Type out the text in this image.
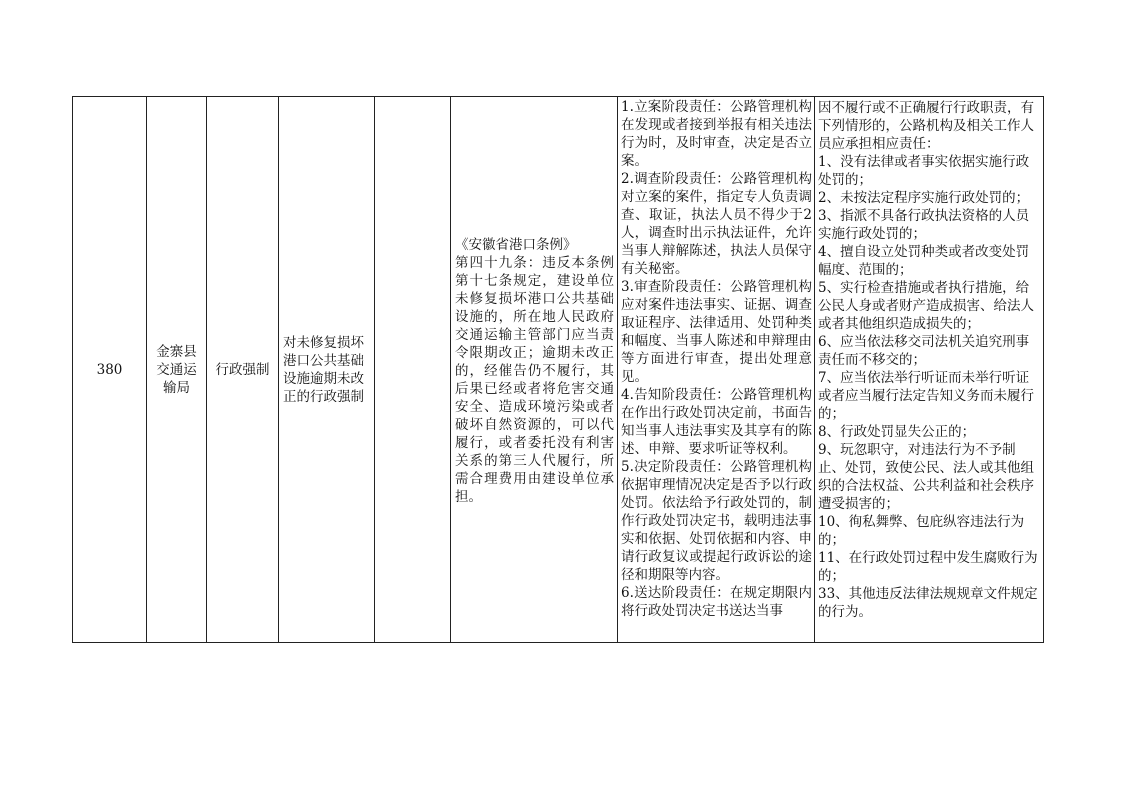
380
金寨县交通运输局
行政强制
对未修复损坏港口公共基础设施逾期未改正的行政强制
《安徽省港口条例》
第四十九条：违反本条例第十七条规定，建设单位未修复损坏港口公共基础设施的，所在地人民政府交通运输主管部门应当责令限期改正；逾期未改正的，经催告仍不履行，其后果已经或者将危害交通安全、造成环境污染或者破坏自然资源的，可以代履行，或者委托没有利害关系的第三人代履行，所需合理费用由建设单位承担。
1.立案阶段责任：公路管理机构在发现或者接到举报有相关违法行为时，及时审查，决定是否立案。
2.调查阶段责任：公路管理机构对立案的案件，指定专人负责调查、取证，执法人员不得少于2人，调查时出示执法证件，允许当事人辩解陈述，执法人员保守有关秘密。
3.审查阶段责任：公路管理机构应对案件违法事实、证据、调查取证程序、法律适用、处罚种类和幅度、当事人陈述和申辩理由等方面进行审查，提出处理意见。
4.告知阶段责任：公路管理机构在作出行政处罚决定前，书面告知当事人违法事实及其享有的陈述、申辩、要求听证等权利。
5.决定阶段责任：公路管理机构依据审理情况决定是否予以行政处罚。依法给予行政处罚的，制作行政处罚决定书，载明违法事实和依据、处罚依据和内容、申请行政复议或提起行政诉讼的途径和期限等内容。
6.送达阶段责任：在规定期限内将行政处罚决定书送达当事
因不履行或不正确履行行政职责，有下列情形的，公路机构及相关工作人员应承担相应责任：
1、没有法律或者事实依据实施行政处罚的；
2、未按法定程序实施行政处罚的；
3、指派不具备行政执法资格的人员实施行政处罚的；
4、擅自设立处罚种类或者改变处罚幅度、范围的；
5、实行检查措施或者执行措施，给公民人身或者财产造成损害、给法人或者其他组织造成损失的；
6、应当依法移交司法机关追究刑事责任而不移交的；
7、应当依法举行听证而未举行听证或者应当履行法定告知义务而未履行的；
8、行政处罚显失公正的；
9、玩忽职守，对违法行为不予制止、处罚，致使公民、法人或其他组织的合法权益、公共利益和社会秩序遭受损害的；
10、徇私舞弊、包庇纵容违法行为的；
11、在行政处罚过程中发生腐败行为的；
33、其他违反法律法规规章文件规定的行为。
